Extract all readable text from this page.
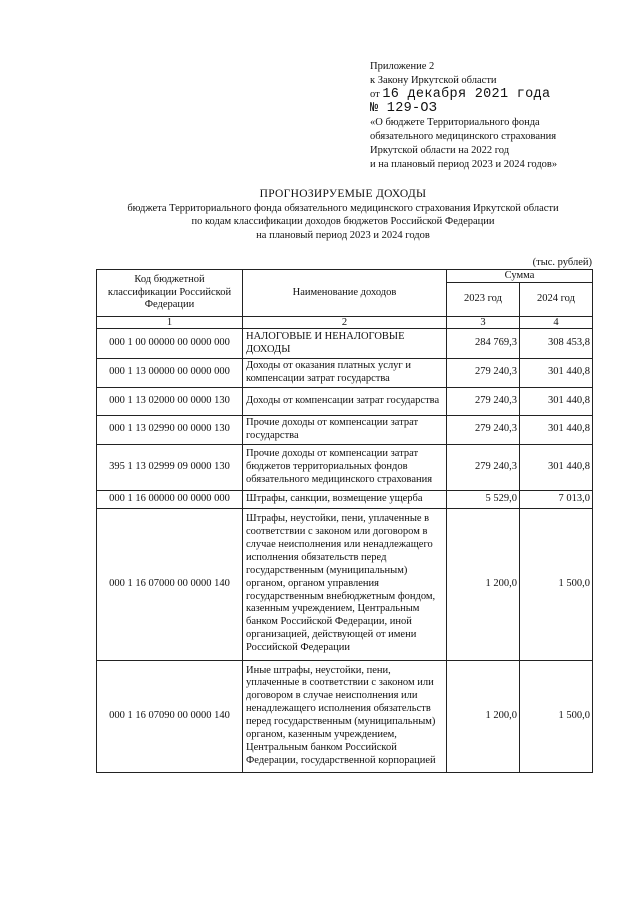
Приложение 2
к Закону Иркутской области
от 16 декабря 2021 года
№ 129-ОЗ
«О бюджете Территориального фонда
обязательного медицинского страхования
Иркутской области на 2022 год
и на плановый период 2023 и 2024 годов»
ПРОГНОЗИРУЕМЫЕ ДОХОДЫ
бюджета Территориального фонда обязательного медицинского страхования Иркутской области
по кодам классификации доходов бюджетов Российской Федерации
на плановый период 2023 и 2024 годов
(тыс. рублей)
Код бюджетной классификации Российской Федерации	Наименование доходов	Сумма	
		2023 год	2024 год
1	2	3	4
000 1 00 00000 00 0000 000	НАЛОГОВЫЕ И НЕНАЛОГОВЫЕ ДОХОДЫ	284 769,3	308 453,8
000 1 13 00000 00 0000 000	Доходы от оказания платных услуг и компенсации затрат государства	279 240,3	301 440,8
000 1 13 02000 00 0000 130	Доходы от компенсации затрат государства	279 240,3	301 440,8
000 1 13 02990 00 0000 130	Прочие доходы от компенсации затрат государства	279 240,3	301 440,8
395 1 13 02999 09 0000 130	Прочие доходы от компенсации затрат бюджетов территориальных фондов обязательного медицинского страхования	279 240,3	301 440,8
000 1 16 00000 00 0000 000	Штрафы, санкции, возмещение ущерба	5 529,0	7 013,0
000 1 16 07000 00 0000 140	Штрафы, неустойки, пени, уплаченные в соответствии с законом или договором в случае неисполнения или ненадлежащего исполнения обязательств перед государственным (муниципальным) органом, органом управления государственным внебюджетным фондом, казенным учреждением, Центральным банком Российской Федерации, иной организацией, действующей от имени Российской Федерации	1 200,0	1 500,0
000 1 16 07090 00 0000 140	Иные штрафы, неустойки, пени, уплаченные в соответствии с законом или договором в случае неисполнения или ненадлежащего исполнения обязательств перед государственным (муниципальным) органом, казенным учреждением, Центральным банком Российской Федерации, государственной корпорацией	1 200,0	1 500,0
